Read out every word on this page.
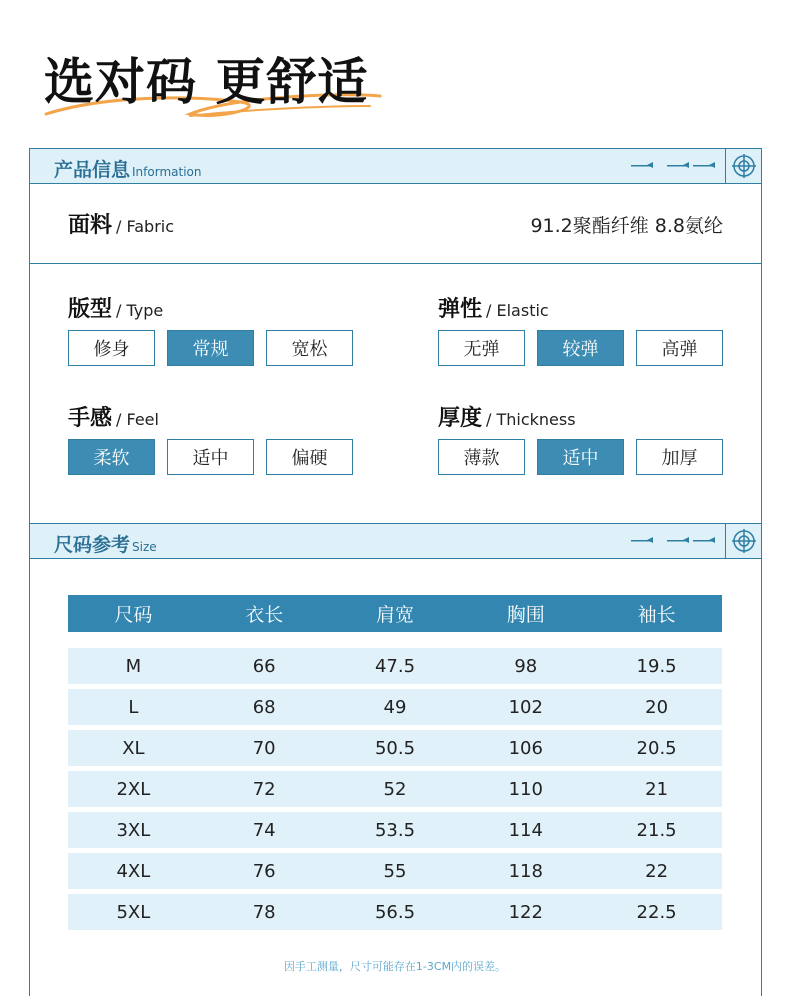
选对码 更舒适
产品信息 Information
面料 / Fabric	91.2聚酯纤维 8.8氨纶
版型 / Type
修身	常规	宽松
弹性 / Elastic
无弹	较弹	高弹
手感 / Feel
柔软	适中	偏硬
厚度 / Thickness
薄款	适中	加厚
尺码参考 Size
尺码	衣长	肩宽	胸围	袖长
M	66	47.5	98	19.5
L	68	49	102	20
XL	70	50.5	106	20.5
2XL	72	52	110	21
3XL	74	53.5	114	21.5
4XL	76	55	118	22
5XL	78	56.5	122	22.5
因手工测量，尺寸可能存在1-3CM内的误差。
